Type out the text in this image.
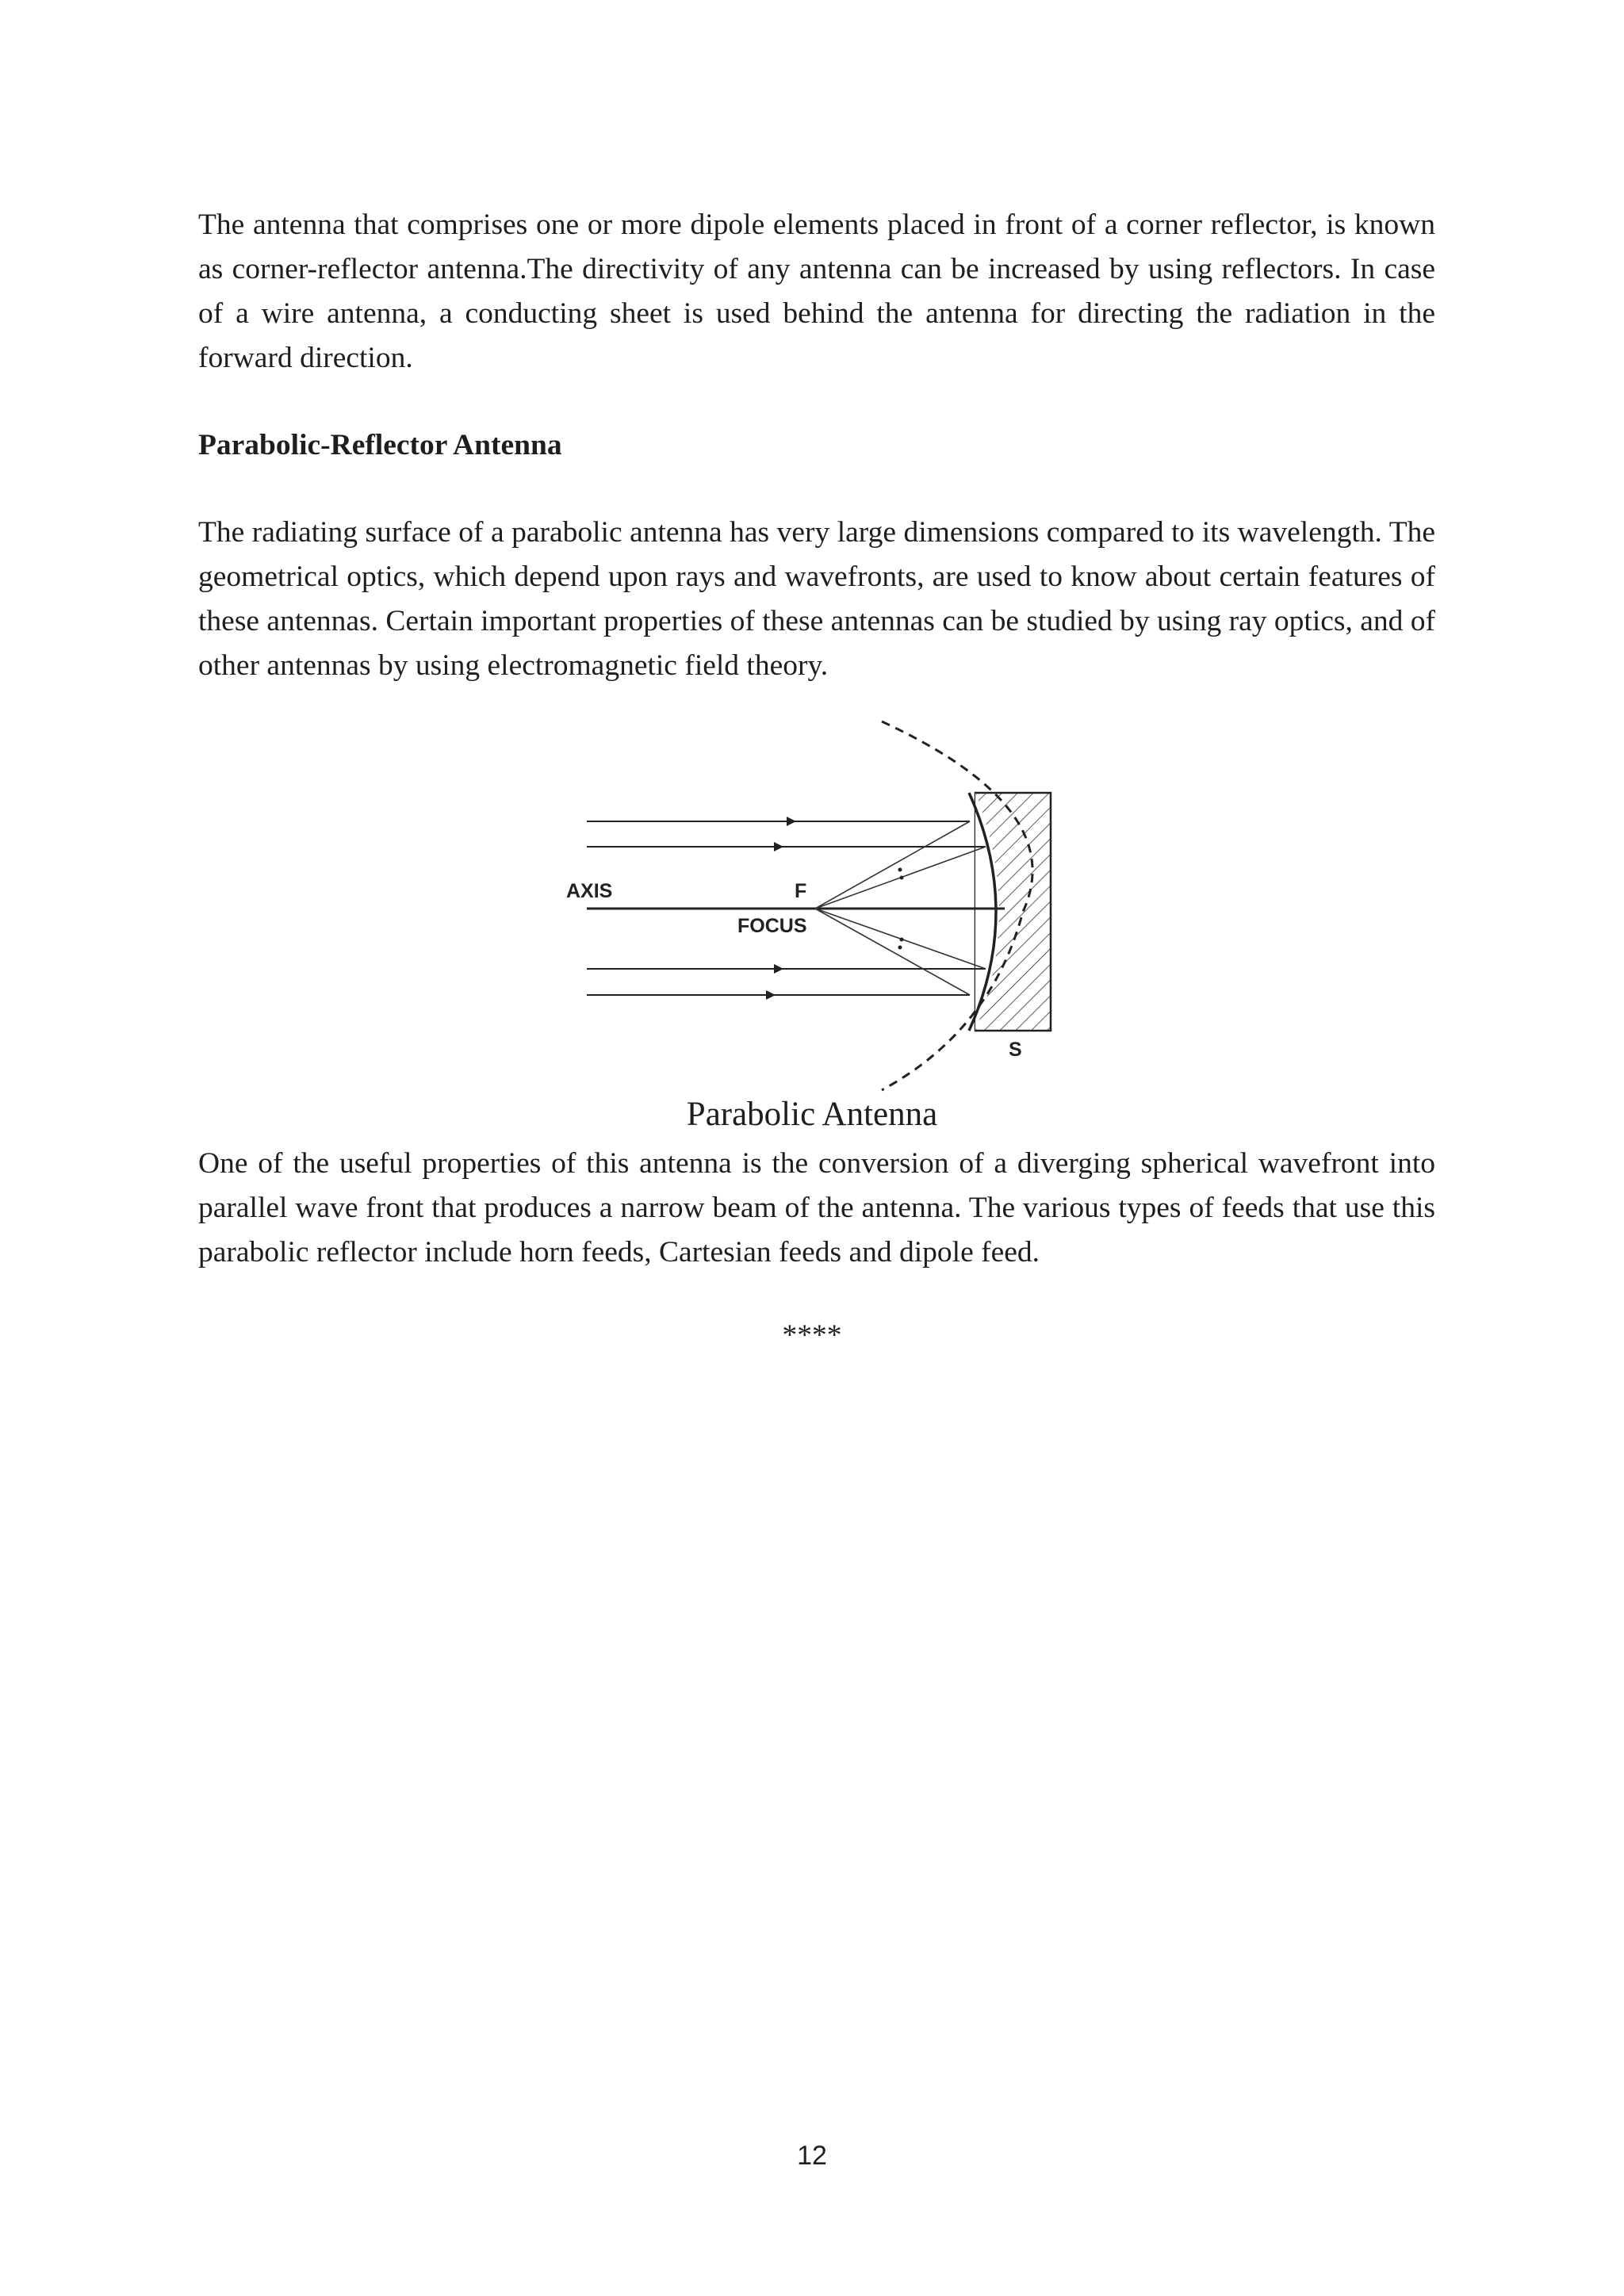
The antenna that comprises one or more dipole elements placed in front of a corner reflector, is known as corner-reflector antenna.The directivity of any antenna can be increased by using reflectors. In case of a wire antenna, a conducting sheet is used behind the antenna for directing the radiation in the forward direction.

Parabolic-Reflector Antenna

The radiating surface of a parabolic antenna has very large dimensions compared to its wavelength. The geometrical optics, which depend upon rays and wavefronts, are used to know about certain features of these antennas. Certain important properties of these antennas can be studied by using ray optics, and of other antennas by using electromagnetic field theory.

AXIS	F
FOCUS
S

Parabolic Antenna

One of the useful properties of this antenna is the conversion of a diverging spherical wavefront into parallel wave front that produces a narrow beam of the antenna. The various types of feeds that use this parabolic reflector include horn feeds, Cartesian feeds and dipole feed.

****

12
